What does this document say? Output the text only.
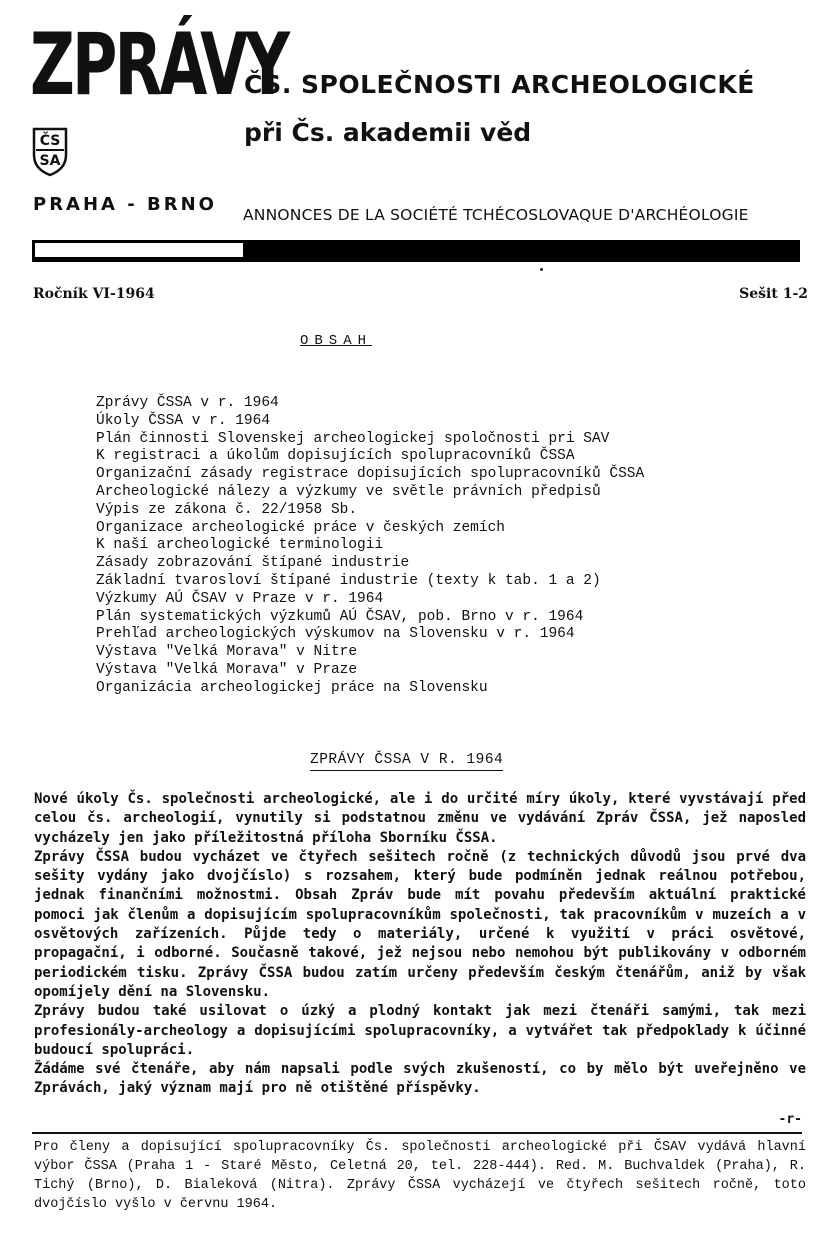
ZPRÁVY
ČS. SPOLEČNOSTI ARCHEOLOGICKÉ
při Čs. akademii věd
ČS
SA
PRAHA - BRNO ANNONCES DE LA SOCIÉTÉ TCHÉCOSLOVAQUE D'ARCHÉOLOGIE
Ročník VI-1964	Sešit 1-2
OBSAH
Zprávy ČSSA v r. 1964
Úkoly ČSSA v r. 1964
Plán činnosti Slovenskej archeologickej spoločnosti pri SAV
K registraci a úkolům dopisujících spolupracovníků ČSSA
Organizační zásady registrace dopisujících spolupracovníků ČSSA
Archeologické nálezy a výzkumy ve světle právních předpisů
Výpis ze zákona č. 22/1958 Sb.
Organizace archeologické práce v českých zemích
K naší archeologické terminologii
Zásady zobrazování štípané industrie
Základní tvarosloví štípané industrie (texty k tab. 1 a 2)
Výzkumy AÚ ČSAV v Praze v r. 1964
Plán systematických výzkumů AÚ ČSAV, pob. Brno v r. 1964
Prehľad archeologických výskumov na Slovensku v r. 1964
Výstava "Velká Morava" v Nitre
Výstava "Velká Morava" v Praze
Organizácia archeologickej práce na Slovensku
ZPRÁVY ČSSA V R. 1964

Nové úkoly Čs. společnosti archeologické, ale i do určité míry úkoly, které vyvstávají před celou čs. archeologií, vynutily si podstatnou změnu ve vydávání Zpráv ČSSA, jež naposled vycházely jen jako příležitostná příloha Sborníku ČSSA.

Zprávy ČSSA budou vycházet ve čtyřech sešitech ročně (z technických důvodů jsou prvé dva sešity vydány jako dvojčíslo) s rozsahem, který bude podmíněn jednak reálnou potřebou, jednak finančními možnostmi. Obsah Zpráv bude mít povahu především aktuální praktické pomoci jak členům a dopisujícím spolupracovníkům společnosti, tak pracovníkům v muzeích a v osvětových zařízeních. Půjde tedy o materiály, určené k využití v práci osvětové, propagační, i odborné. Současně takové, jež nejsou nebo nemohou být publikovány v odborném periodickém tisku. Zprávy ČSSA budou zatím určeny především českým čtenářům, aniž by však opomíjely dění na Slovensku.

Zprávy budou také usilovat o úzký a plodný kontakt jak mezi čtenáři samými, tak mezi profesionály-archeology a dopisujícími spolupracovníky, a vytvářet tak předpoklady k účinné budoucí spolupráci.

Žádáme své čtenáře, aby nám napsali podle svých zkušeností, co by mělo být uveřejněno ve Zprávách, jaký význam mají pro ně otištěné příspěvky.

-r-
Pro členy a dopisující spolupracovníky Čs. společnosti archeologické při ČSAV vydává hlavní výbor ČSSA (Praha 1 - Staré Město, Celetná 20, tel. 228-444). Red. M. Buchvaldek (Praha), R. Tichý (Brno), D. Bialeková (Nitra). Zprávy ČSSA vycházejí ve čtyřech sešitech ročně, toto dvojčíslo vyšlo v červnu 1964.
